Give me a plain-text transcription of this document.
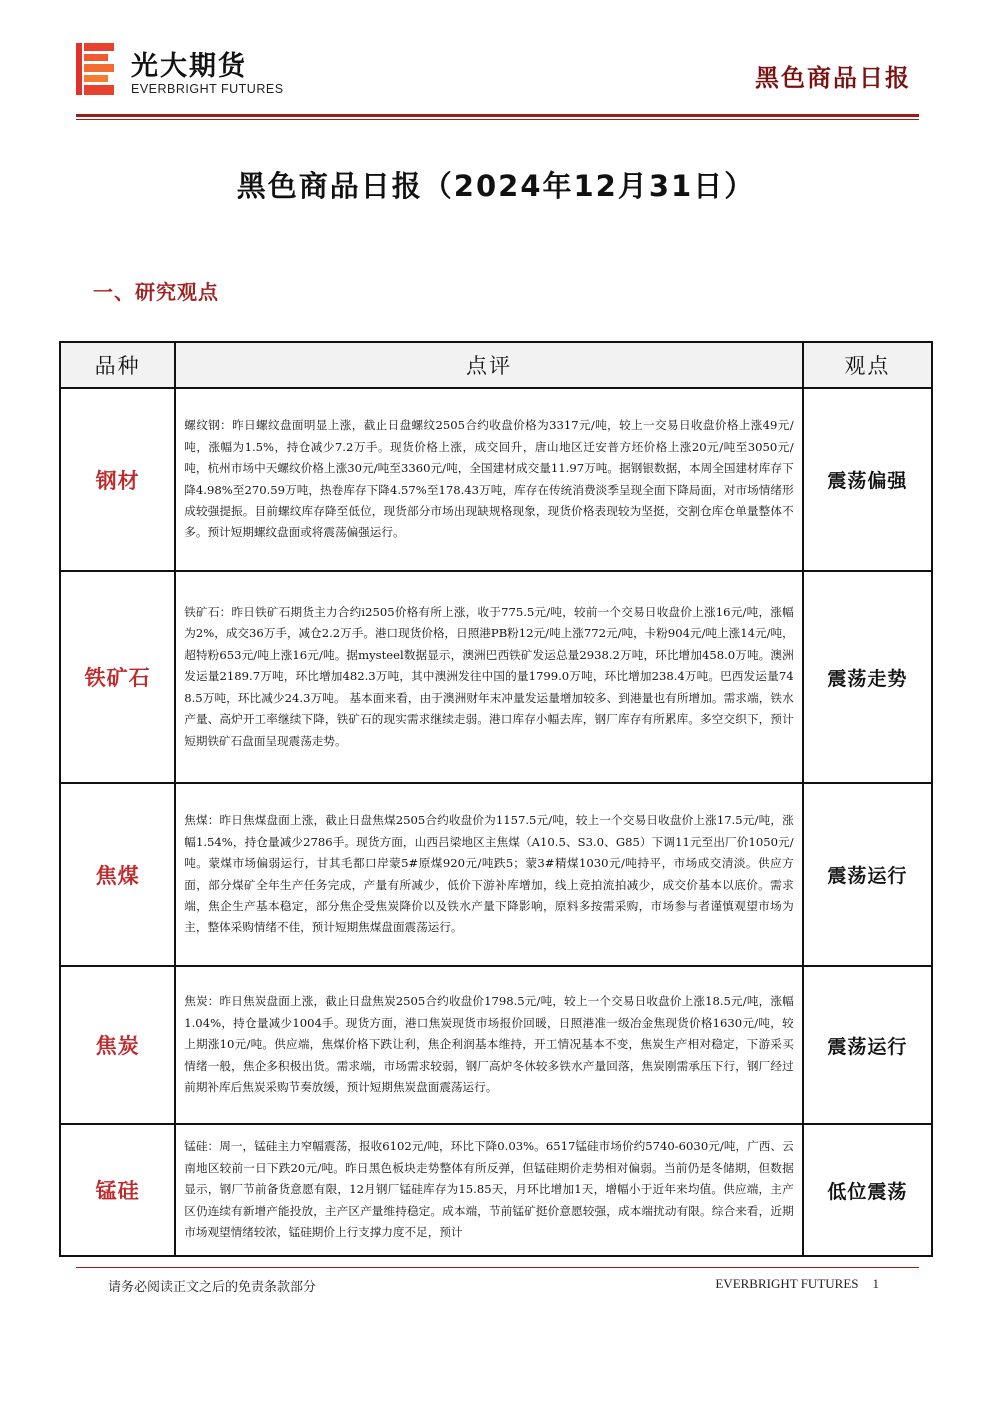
光大期货
EVERBRIGHT FUTURES	黑色商品日报
黑色商品日报（2024年12月31日）
一、研究观点
品种	点评	观点
钢材	螺纹钢：昨日螺纹盘面明显上涨，截止日盘螺纹2505合约收盘价格为3317元/吨，较上一交易日收盘价格上涨49元/吨，涨幅为1.5%，持仓减少7.2万手。现货价格上涨，成交回升，唐山地区迁安普方坯价格上涨20元/吨至3050元/吨，杭州市场中天螺纹价格上涨30元/吨至3360元/吨，全国建材成交量11.97万吨。据钢银数据，本周全国建材库存下降4.98%至270.59万吨，热卷库存下降4.57%至178.43万吨，库存在传统消费淡季呈现全面下降局面，对市场情绪形成较强提振。目前螺纹库存降至低位，现货部分市场出现缺规格现象，现货价格表现较为坚挺，交割仓库仓单量整体不多。预计短期螺纹盘面或将震荡偏强运行。	震荡偏强
铁矿石	铁矿石：昨日铁矿石期货主力合约i2505价格有所上涨，收于775.5元/吨，较前一个交易日收盘价上涨16元/吨，涨幅为2%，成交36万手，减仓2.2万手。港口现货价格，日照港PB粉12元/吨上涨772元/吨，卡粉904元/吨上涨14元/吨，超特粉653元/吨上涨16元/吨。据mysteel数据显示，澳洲巴西铁矿发运总量2938.2万吨，环比增加458.0万吨。澳洲发运量2189.7万吨，环比增加482.3万吨，其中澳洲发往中国的量1799.0万吨，环比增加238.4万吨。巴西发运量748.5万吨，环比减少24.3万吨。 基本面来看，由于澳洲财年末冲量发运量增加较多、到港量也有所增加。需求端，铁水产量、高炉开工率继续下降，铁矿石的现实需求继续走弱。港口库存小幅去库，钢厂库存有所累库。多空交织下，预计短期铁矿石盘面呈现震荡走势。	震荡走势
焦煤	焦煤：昨日焦煤盘面上涨，截止日盘焦煤2505合约收盘价为1157.5元/吨，较上一个交易日收盘价上涨17.5元/吨，涨幅1.54%，持仓量减少2786手。现货方面，山西吕梁地区主焦煤（A10.5、S3.0、G85）下调11元至出厂价1050元/吨。蒙煤市场偏弱运行，甘其毛都口岸蒙5#原煤920元/吨跌5；蒙3#精煤1030元/吨持平，市场成交清淡。供应方面，部分煤矿全年生产任务完成，产量有所减少，低价下游补库增加，线上竞拍流拍减少，成交价基本以底价。需求端，焦企生产基本稳定，部分焦企受焦炭降价以及铁水产量下降影响，原料多按需采购，市场参与者谨慎观望市场为主，整体采购情绪不佳，预计短期焦煤盘面震荡运行。	震荡运行
焦炭	焦炭：昨日焦炭盘面上涨，截止日盘焦炭2505合约收盘价1798.5元/吨，较上一个交易日收盘价上涨18.5元/吨，涨幅1.04%，持仓量减少1004手。现货方面，港口焦炭现货市场报价回暖，日照港准一级冶金焦现货价格1630元/吨，较上期涨10元/吨。供应端，焦煤价格下跌让利，焦企利润基本维持，开工情况基本不变，焦炭生产相对稳定，下游采买情绪一般，焦企多积极出货。需求端，市场需求较弱，钢厂高炉冬休较多铁水产量回落，焦炭刚需承压下行，钢厂经过前期补库后焦炭采购节奏放缓，预计短期焦炭盘面震荡运行。	震荡运行
锰硅	锰硅：周一，锰硅主力窄幅震荡，报收6102元/吨，环比下降0.03%。6517锰硅市场价约5740-6030元/吨，广西、云南地区较前一日下跌20元/吨。昨日黑色板块走势整体有所反弹，但锰硅期价走势相对偏弱。当前仍是冬储期，但数据显示，钢厂节前备货意愿有限，12月钢厂锰硅库存为15.85天，月环比增加1天，增幅小于近年来均值。供应端，主产区仍连续有新增产能投放，主产区产量维持稳定。成本端，节前锰矿挺价意愿较强，成本端扰动有限。综合来看，近期市场观望情绪较浓，锰硅期价上行支撑力度不足，预计	低位震荡
请务必阅读正文之后的免责条款部分	EVERBRIGHT FUTURES 1
